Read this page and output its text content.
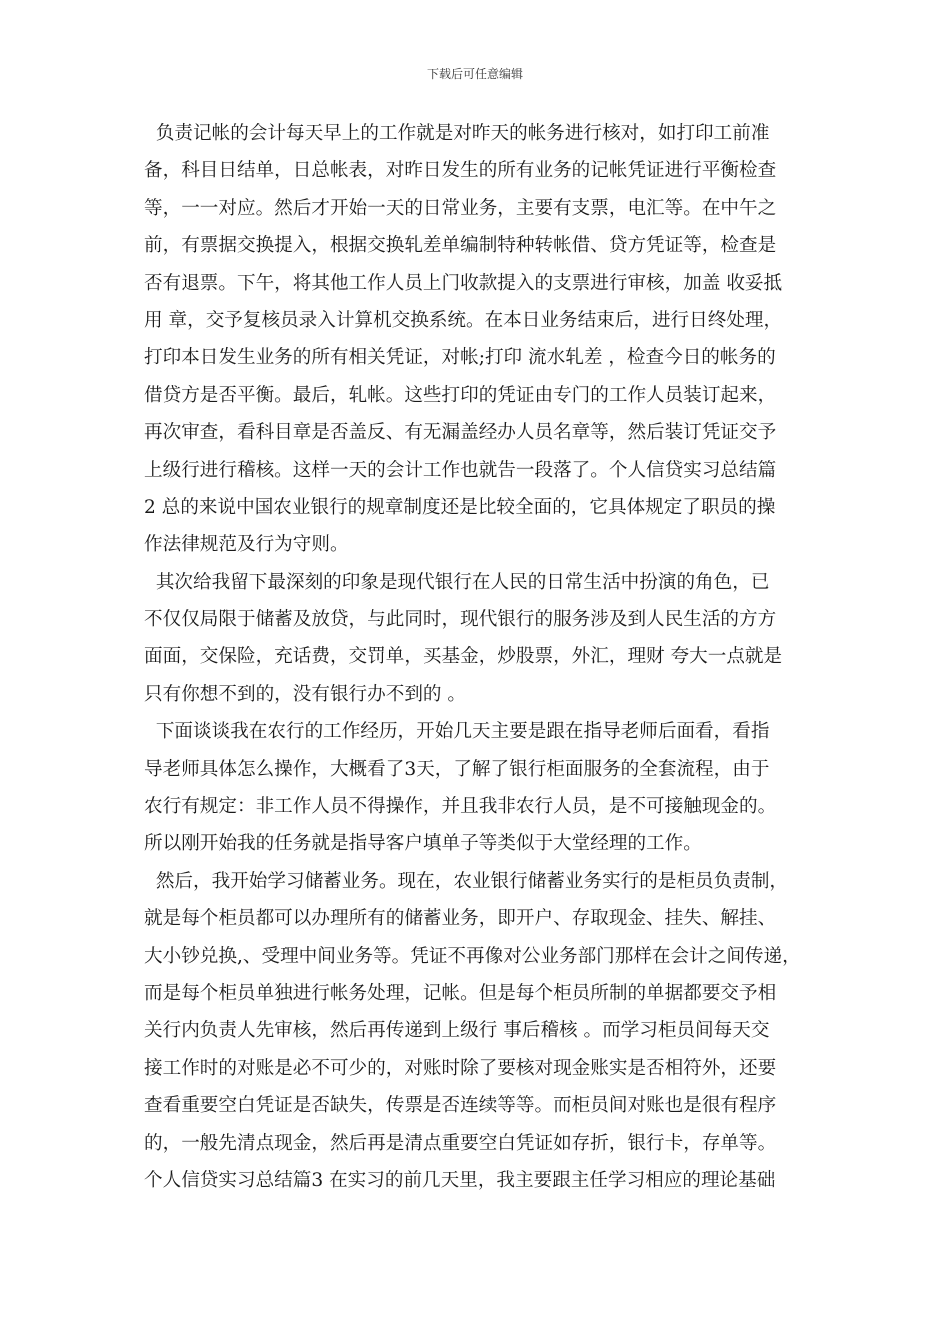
下载后可任意编辑
负责记帐的会计每天早上的工作就是对昨天的帐务进行核对，如打印工前准
备，科目日结单，日总帐表，对昨日发生的所有业务的记帐凭证进行平衡检查
等，一一对应。然后才开始一天的日常业务，主要有支票，电汇等。在中午之
前，有票据交换提入，根据交换轧差单编制特种转帐借、贷方凭证等，检查是
否有退票。下午，将其他工作人员上门收款提入的支票进行审核，加盖 收妥抵
用 章，交予复核员录入计算机交换系统。在本日业务结束后，进行日终处理，
打印本日发生业务的所有相关凭证，对帐;打印 流水轧差 ，检查今日的帐务的
借贷方是否平衡。最后，轧帐。这些打印的凭证由专门的工作人员装订起来，
再次审查，看科目章是否盖反、有无漏盖经办人员名章等，然后装订凭证交予
上级行进行稽核。这样一天的会计工作也就告一段落了。个人信贷实习总结篇
2 总的来说中国农业银行的规章制度还是比较全面的，它具体规定了职员的操
作法律规范及行为守则。
其次给我留下最深刻的印象是现代银行在人民的日常生活中扮演的角色，已
不仅仅局限于储蓄及放贷，与此同时，现代银行的服务涉及到人民生活的方方
面面，交保险，充话费，交罚单，买基金，炒股票，外汇，理财 夸大一点就是
只有你想不到的，没有银行办不到的 。
下面谈谈我在农行的工作经历，开始几天主要是跟在指导老师后面看，看指
导老师具体怎么操作，大概看了3天，了解了银行柜面服务的全套流程，由于
农行有规定：非工作人员不得操作，并且我非农行人员，是不可接触现金的。
所以刚开始我的任务就是指导客户填单子等类似于大堂经理的工作。
然后，我开始学习储蓄业务。现在，农业银行储蓄业务实行的是柜员负责制，
就是每个柜员都可以办理所有的储蓄业务，即开户、存取现金、挂失、解挂、
大小钞兑换,、受理中间业务等。凭证不再像对公业务部门那样在会计之间传递，
而是每个柜员单独进行帐务处理，记帐。但是每个柜员所制的单据都要交予相
关行内负责人先审核，然后再传递到上级行 事后稽核 。而学习柜员间每天交
接工作时的对账是必不可少的，对账时除了要核对现金账实是否相符外，还要
查看重要空白凭证是否缺失，传票是否连续等等。而柜员间对账也是很有程序
的，一般先清点现金，然后再是清点重要空白凭证如存折，银行卡，存单等。
个人信贷实习总结篇3 在实习的前几天里，我主要跟主任学习相应的理论基础
